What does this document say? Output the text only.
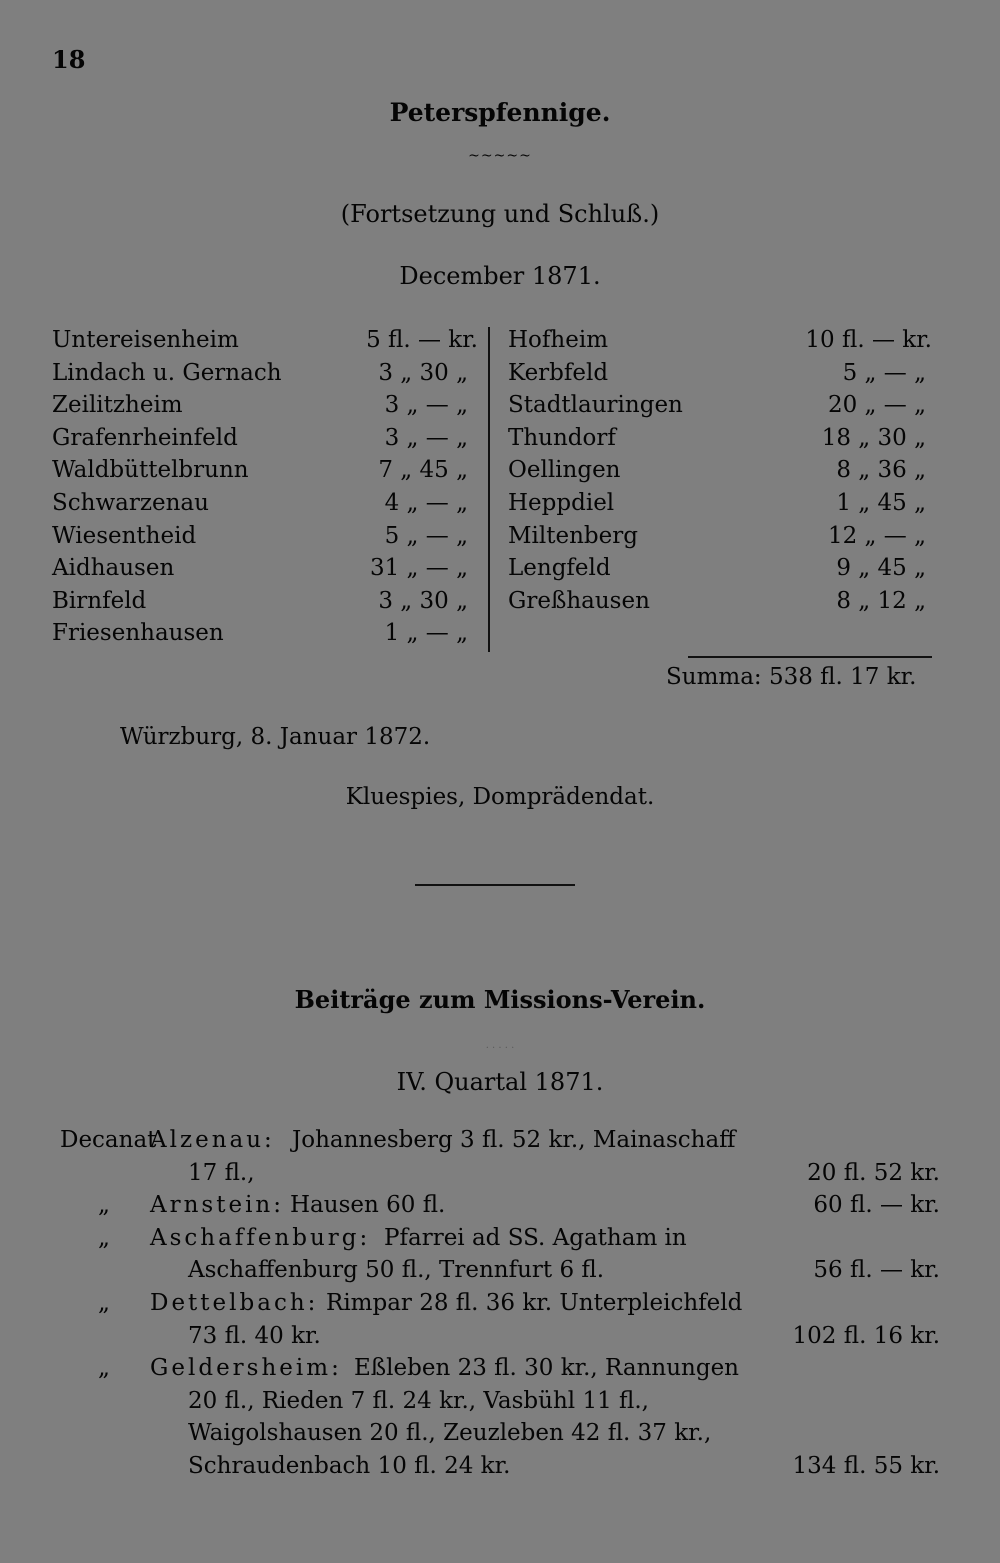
18
Peterspfennige.
~~~~~
(Fortsetzung und Schluß.)
December 1871.
Untereisenheim	5 fl. — kr.
Lindach u. Gernach	3 „ 30 „
Zeilitzheim	3 „ — „
Grafenrheinfeld	3 „ — „
Waldbüttelbrunn	7 „ 45 „
Schwarzenau	4 „ — „
Wiesentheid	5 „ — „
Aidhausen	31 „ — „
Birnfeld	3 „ 30 „
Friesenhausen	1 „ — „
Hofheim	10 fl. — kr.
Kerbfeld	5 „ — „
Stadtlauringen	20 „ — „
Thundorf	18 „ 30 „
Oellingen	8 „ 36 „
Heppdiel	1 „ 45 „
Miltenberg	12 „ — „
Lengfeld	9 „ 45 „
Greßhausen	8 „ 12 „
Summa: 538 fl. 17 kr.
Würzburg, 8. Januar 1872.
Kluespies, Domprädendat.
Beiträge zum Missions-Verein.
. . . . .
IV. Quartal 1871.
Decanat
Alzenau: Johannesberg 3 fl. 52 kr., Mainaschaff
17 fl.,	20 fl. 52 kr.
„ Arnstein: Hausen 60 fl.	60 fl. — kr.
„ Aschaffenburg: Pfarrei ad SS. Agatham in
Aschaffenburg 50 fl., Trennfurt 6 fl.	56 fl. — kr.
„ Dettelbach: Rimpar 28 fl. 36 kr. Unterpleichfeld
73 fl. 40 kr.	102 fl. 16 kr.
„ Geldersheim: Eßleben 23 fl. 30 kr., Rannungen
20 fl., Rieden 7 fl. 24 kr., Vasbühl 11 fl.,
Waigolshausen 20 fl., Zeuzleben 42 fl. 37 kr.,
Schraudenbach 10 fl. 24 kr.	134 fl. 55 kr.
